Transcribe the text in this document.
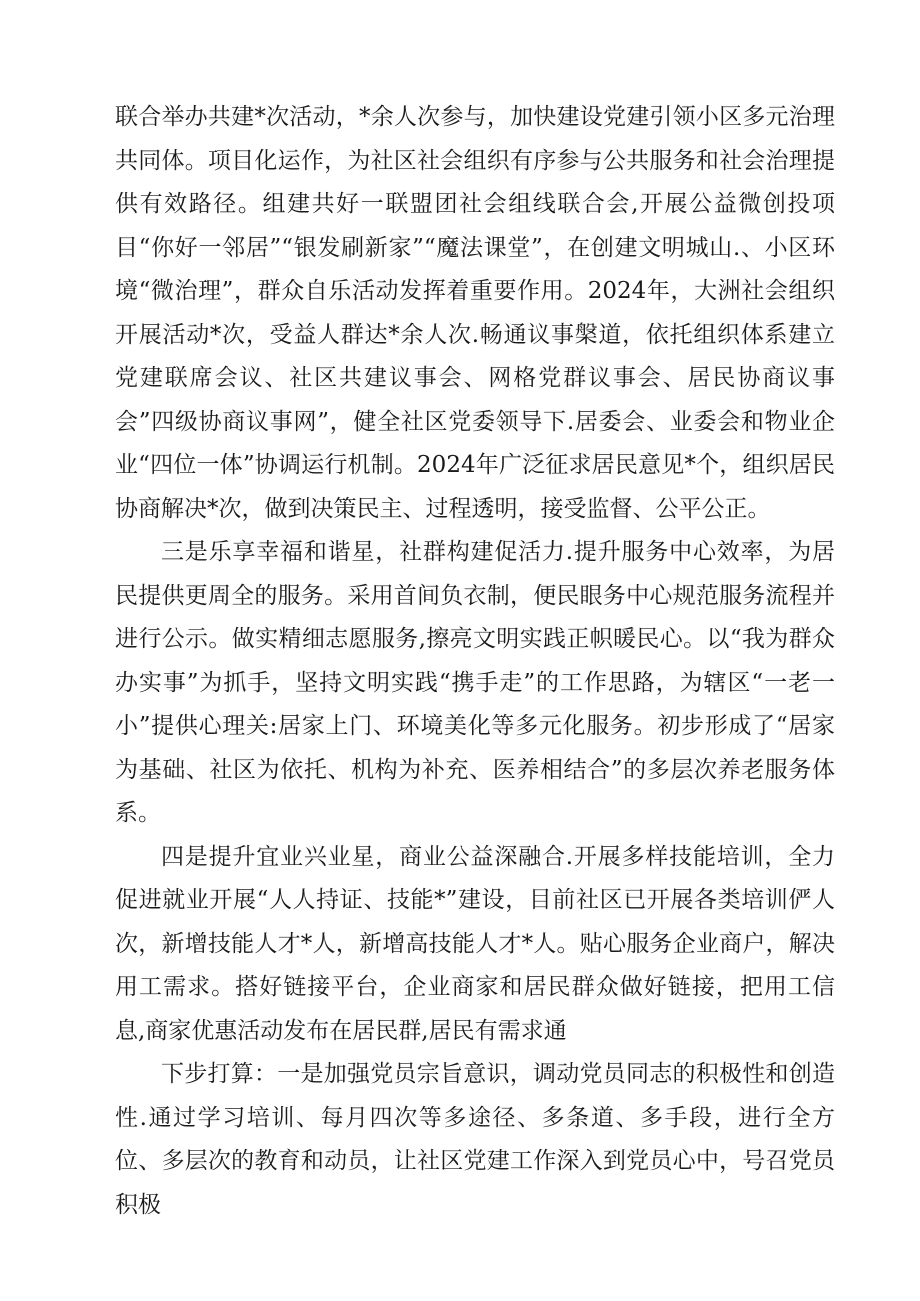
联合举办共建*次活动，*余人次参与，加快建设党建引领小区多元治理共同体。项目化运作，为社区社会组织有序参与公共服务和社会治理提供有效路径。组建共好一联盟团社会组线联合会,开展公益微创投项目“你好一邻居”“银发刷新家”“魔法课堂”，在创建文明城山.、小区环境“微治理”，群众自乐活动发挥着重要作用。2024年，大洲社会组织开展活动*次，受益人群达*余人次.畅通议事槃道，依托组织体系建立党建联席会议、社区共建议事会、网格党群议事会、居民协商议事会”四级协商议事网”，健全社区党委领导下.居委会、业委会和物业企业“四位一体”协调运行机制。2024年广泛征求居民意见*个，组织居民协商解决*次，做到决策民主、过程透明，接受监督、公平公正。

三是乐享幸福和谐星，社群构建促活力.提升服务中心效率，为居民提供更周全的服务。采用首间负衣制，便民眼务中心规范服务流程并进行公示。做实精细志愿服务,擦亮文明实践正帜暖民心。以“我为群众办实事”为抓手，坚持文明实践“携手走”的工作思路，为辖区“一老一小”提供心理关:居家上门、环境美化等多元化服务。初步形成了“居家为基础、社区为依托、机构为补充、医养相结合”的多层次养老服务体系。

四是提升宜业兴业星，商业公益深融合.开展多样技能培训，全力促进就业开展“人人持证、技能*”建设，目前社区已开展各类培训俨人次，新增技能人才*人，新增高技能人才*人。贴心服务企业商户，解决用工需求。搭好链接平台，企业商家和居民群众做好链接，把用工信息,商家优惠活动发布在居民群,居民有需求通

下步打算：一是加强党员宗旨意识，调动党员同志的积极性和创造性.通过学习培训、每月四次等多途径、多条道、多手段，进行全方位、多层次的教育和动员，让社区党建工作深入到党员心中，号召党员积极
